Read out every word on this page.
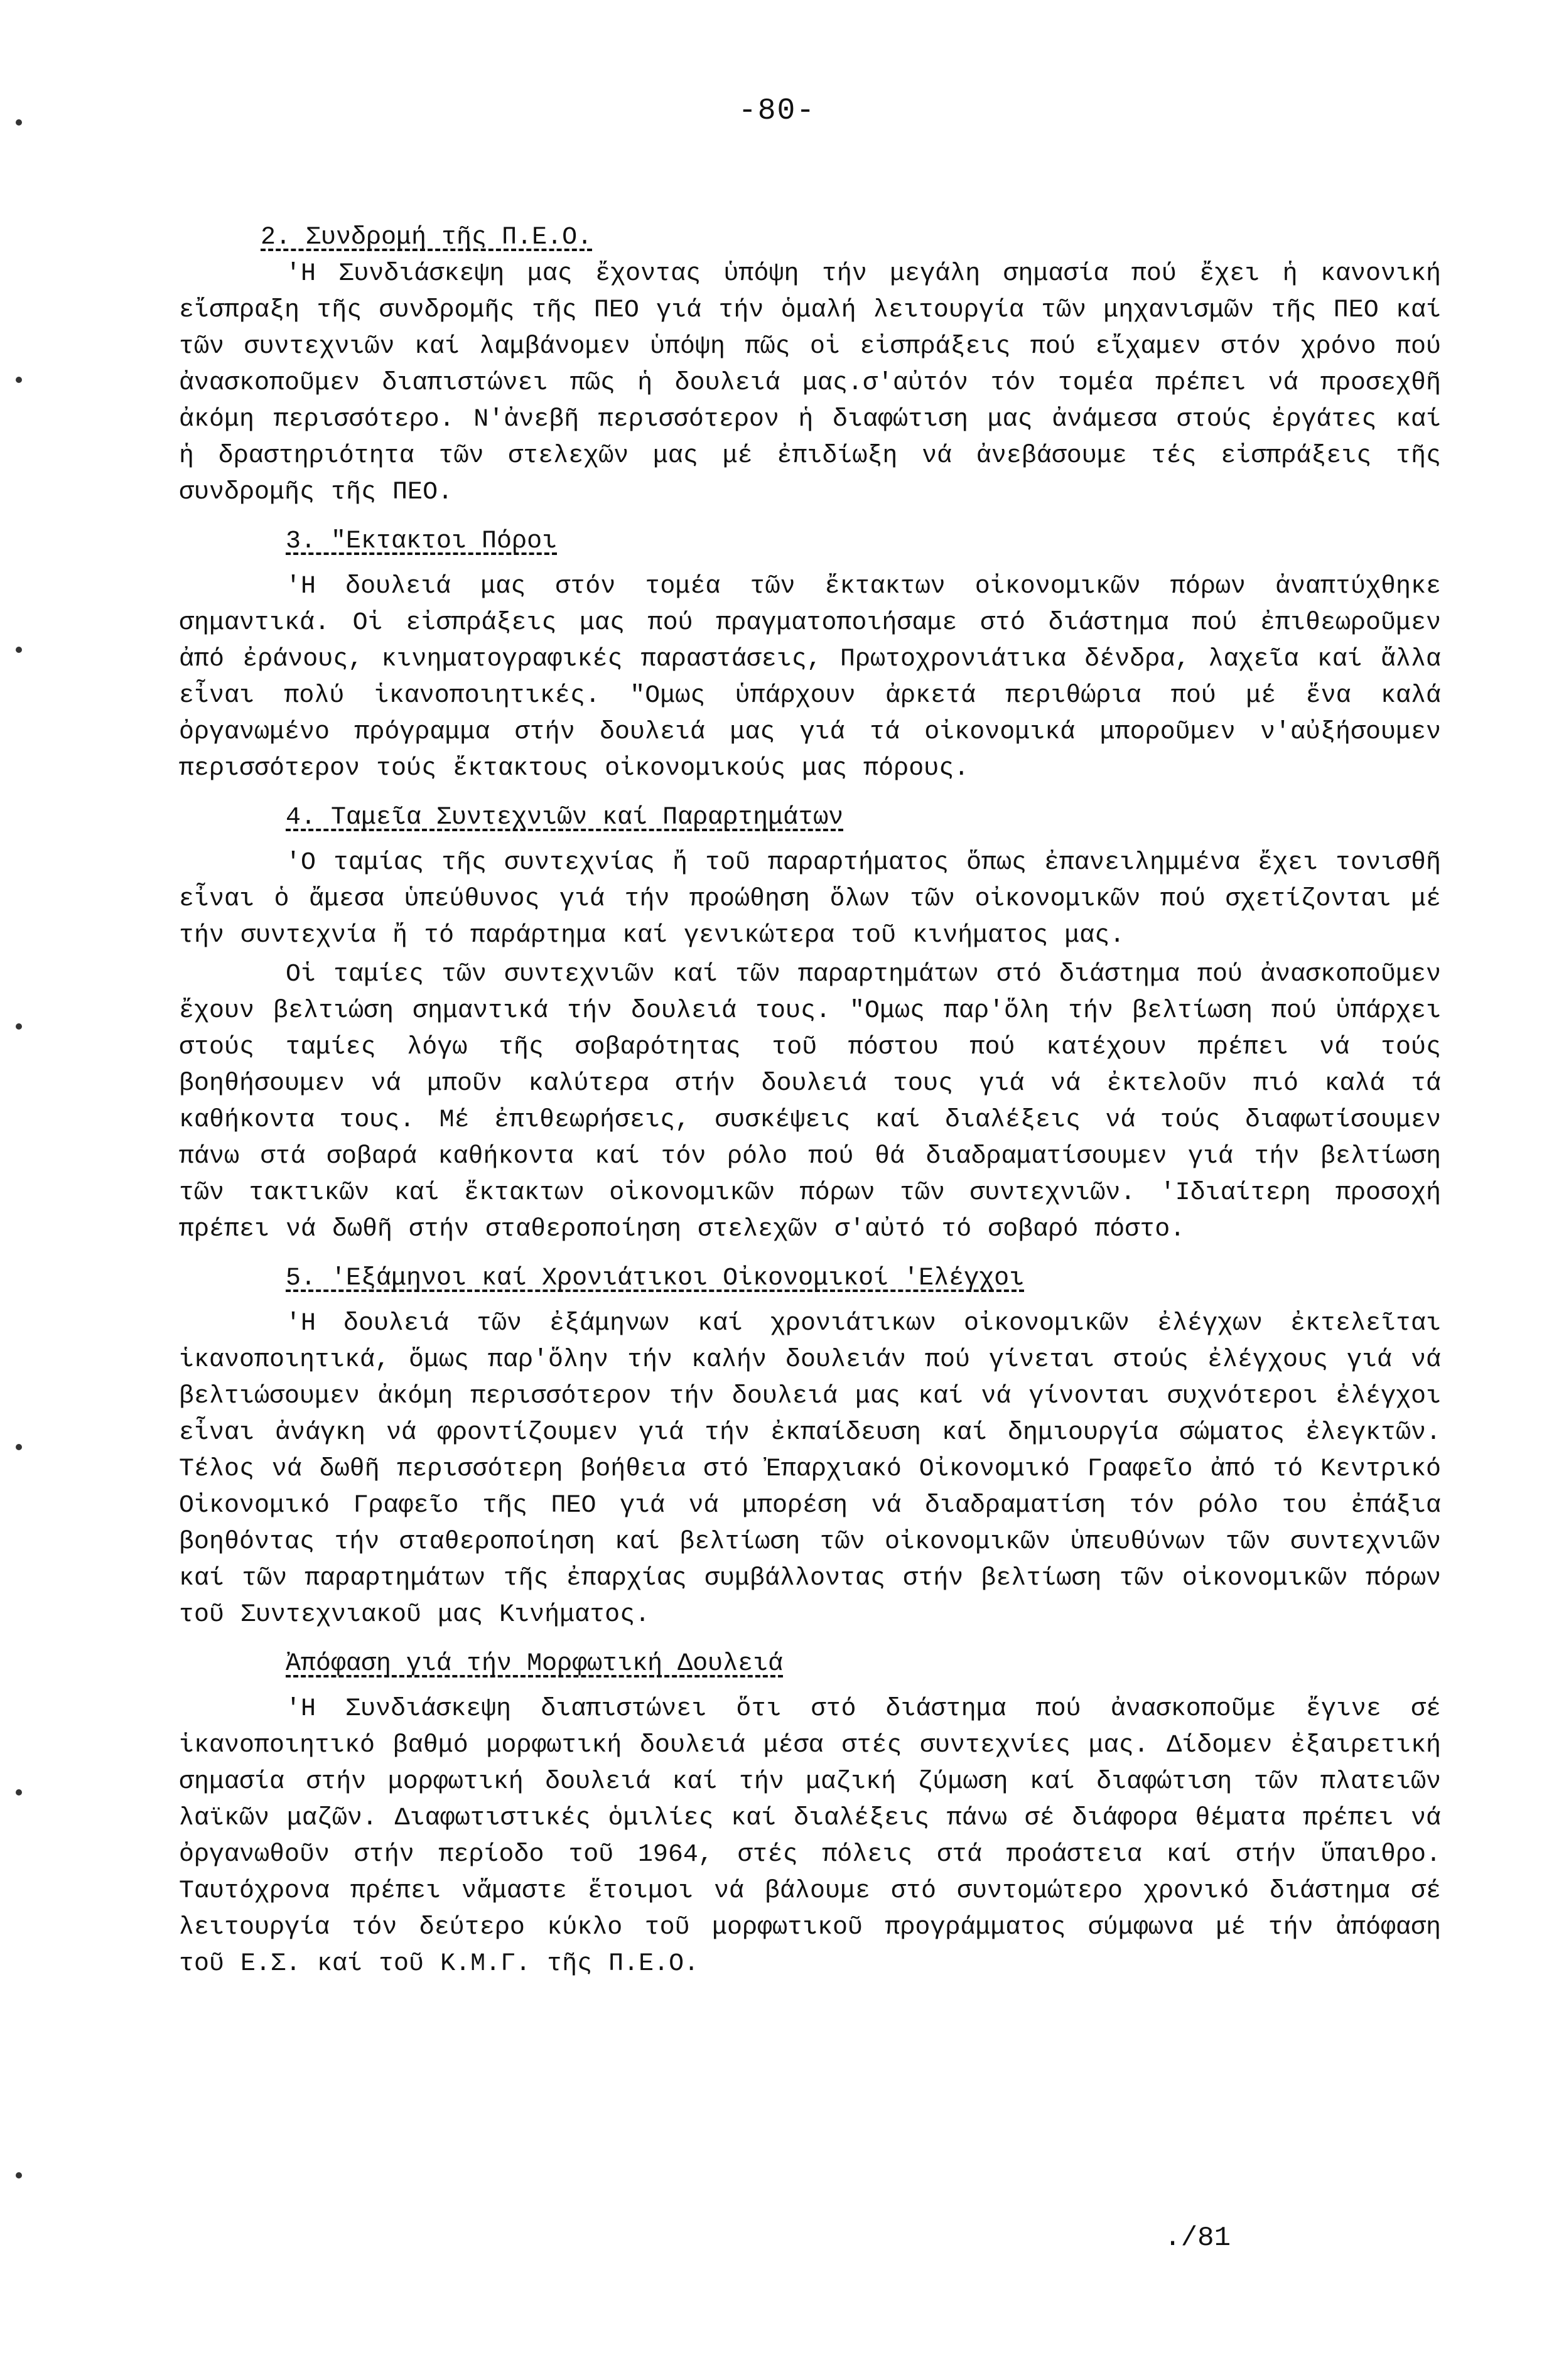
-80-
2. Συνδρομή τῆς Π.Ε.Ο.

'Η Συνδιάσκεψη μας ἔχοντας ὑπόψη τήν μεγάλη σημασία πού ἔχει ἡ κανονική εἴσπραξη τῆς συνδρομῆς τῆς ΠΕΟ γιά τήν ὁμαλή λειτουργία τῶν μηχανισμῶν τῆς ΠΕΟ καί τῶν συντεχνιῶν καί λαμβάνομεν ὑπόψη πῶς οἱ εἰσπράξεις πού εἴχαμεν στόν χρόνο πού ἀνασκοποῦμεν διαπιστώνει πῶς ἡ δουλειά μας.σ'αὐτόν τόν τομέα πρέπει νά προσεχθῆ ἀκόμη περισσότερο. Ν'ἀνεβῆ περισσότερον ἡ διαφώτιση μας ἀνάμεσα στούς ἐργάτες καί ἡ δραστηριότητα τῶν στελεχῶν μας μέ ἐπιδίωξη νά ἀνεβάσουμε τές εἰσπράξεις τῆς συνδρομῆς τῆς ΠΕΟ.

3. "Εκτακτοι Πόροι

'Η δουλειά μας στόν τομέα τῶν ἔκτακτων οἰκονομικῶν πόρων ἀναπτύχθηκε σημαντικά. Οἱ εἰσπράξεις μας πού πραγματοποιήσαμε στό διάστημα πού ἐπιθεωροῦμεν ἀπό ἐράνους, κινηματογραφικές παραστάσεις, Πρωτοχρονιάτικα δένδρα, λαχεῖα καί ἄλλα εἶναι πολύ ἱκανοποιητικές. "Ομως ὑπάρχουν ἀρκετά περιθώρια πού μέ ἕνα καλά ὀργανωμένο πρόγραμμα στήν δουλειά μας γιά τά οἰκονομικά μποροῦμεν ν'αὐξήσουμεν περισσότερον τούς ἔκτακτους οἰκονομικούς μας πόρους.

4. Ταμεῖα Συντεχνιῶν καί Παραρτημάτων

'Ο ταμίας τῆς συντεχνίας ἤ τοῦ παραρτήματος ὅπως ἐπανειλημμένα ἔχει τονισθῆ εἶναι ὁ ἄμεσα ὑπεύθυνος γιά τήν προώθηση ὅλων τῶν οἰκονομικῶν πού σχετίζονται μέ τήν συντεχνία ἤ τό παράρτημα καί γενικώτερα τοῦ κινήματος μας.

Οἱ ταμίες τῶν συντεχνιῶν καί τῶν παραρτημάτων στό διάστημα πού ἀνασκοποῦμεν ἔχουν βελτιώση σημαντικά τήν δουλειά τους. "Ομως παρ'ὅλη τήν βελτίωση πού ὑπάρχει στούς ταμίες λόγω τῆς σοβαρότητας τοῦ πόστου πού κατέχουν πρέπει νά τούς βοηθήσουμεν νά μποῦν καλύτερα στήν δουλειά τους γιά νά ἐκτελοῦν πιό καλά τά καθήκοντα τους. Μέ ἐπιθεωρήσεις, συσκέψεις καί διαλέξεις νά τούς διαφωτίσουμεν πάνω στά σοβαρά καθήκοντα καί τόν ρόλο πού θά διαδραματίσουμεν γιά τήν βελτίωση τῶν τακτικῶν καί ἔκτακτων οἰκονομικῶν πόρων τῶν συντεχνιῶν. 'Ιδιαίτερη προσοχή πρέπει νά δωθῆ στήν σταθεροποίηση στελεχῶν σ'αὐτό τό σοβαρό πόστο.

5. 'Εξάμηνοι καί Χρονιάτικοι Οἰκονομικοί 'Ελέγχοι

'Η δουλειά τῶν ἐξάμηνων καί χρονιάτικων οἰκονομικῶν ἐλέγχων ἐκτελεῖται ἱκανοποιητικά, ὅμως παρ'ὅλην τήν καλήν δουλειάν πού γίνεται στούς ἐλέγχους γιά νά βελτιώσουμεν ἀκόμη περισσότερον τήν δουλειά μας καί νά γίνονται συχνότεροι ἐλέγχοι εἶναι ἀνάγκη νά φροντίζουμεν γιά τήν ἐκπαίδευση καί δημιουργία σώματος ἐλεγκτῶν. Τέλος νά δωθῆ περισσότερη βοήθεια στό Ἐπαρχιακό Οἰκονομικό Γραφεῖο ἀπό τό Κεντρικό Οἰκονομικό Γραφεῖο τῆς ΠΕΟ γιά νά μπορέση νά διαδραματίση τόν ρόλο του ἐπάξια βοηθόντας τήν σταθεροποίηση καί βελτίωση τῶν οἰκονομικῶν ὑπευθύνων τῶν συντεχνιῶν καί τῶν παραρτημάτων τῆς ἐπαρχίας συμβάλλοντας στήν βελτίωση τῶν οἰκονομικῶν πόρων τοῦ Συντεχνιακοῦ μας Κινήματος.

Ἀπόφαση γιά τήν Μορφωτική Δουλειά

'Η Συνδιάσκεψη διαπιστώνει ὅτι στό διάστημα πού ἀνασκοποῦμε ἔγινε σέ ἱκανοποιητικό βαθμό μορφωτική δουλειά μέσα στές συντεχνίες μας. Δίδομεν ἐξαιρετική σημασία στήν μορφωτική δουλειά καί τήν μαζική ζύμωση καί διαφώτιση τῶν πλατειῶν λαϊκῶν μαζῶν. Διαφωτιστικές ὁμιλίες καί διαλέξεις πάνω σέ διάφορα θέματα πρέπει νά ὀργανωθοῦν στήν περίοδο τοῦ 1964, στές πόλεις στά προάστεια καί στήν ὕπαιθρο. Ταυτόχρονα πρέπει νἄμαστε ἕτοιμοι νά βάλουμε στό συντομώτερο χρονικό διάστημα σέ λειτουργία τόν δεύτερο κύκλο τοῦ μορφωτικοῦ προγράμματος σύμφωνα μέ τήν ἀπόφαση τοῦ Ε.Σ. καί τοῦ Κ.Μ.Γ. τῆς Π.Ε.Ο.

./81
